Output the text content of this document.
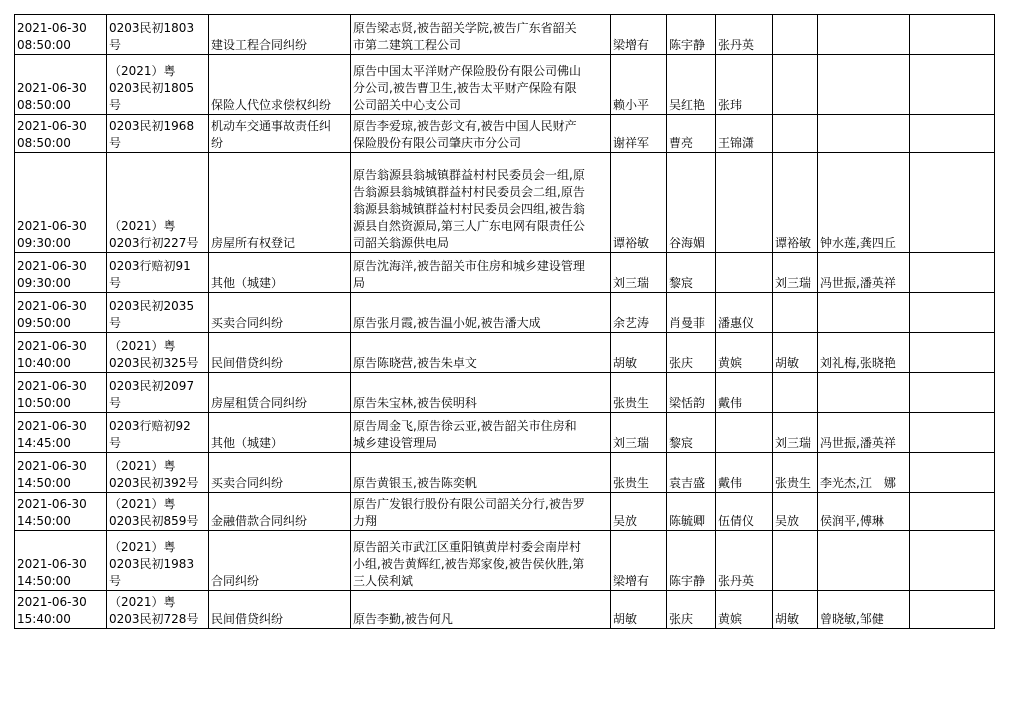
2021-06-30
08:50:00	0203民初1803
号	建设工程合同纠纷	原告梁志贤,被告韶关学院,被告广东省韶关
市第二建筑工程公司	梁增有	陈宇静	张丹英			
2021-06-30
08:50:00	（2021）粤
0203民初1805
号	保险人代位求偿权纠纷	原告中国太平洋财产保险股份有限公司佛山
分公司,被告曹卫生,被告太平财产保险有限
公司韶关中心支公司	赖小平	吴红艳	张玮			
2021-06-30
08:50:00	0203民初1968
号	机动车交通事故责任纠
纷	原告李爱琼,被告彭文有,被告中国人民财产
保险股份有限公司肇庆市分公司	谢祥军	曹亮	王锦潇			
2021-06-30
09:30:00	（2021）粤
0203行初227号	房屋所有权登记	原告翁源县翁城镇群益村村民委员会一组,原
告翁源县翁城镇群益村村民委员会二组,原告
翁源县翁城镇群益村村民委员会四组,被告翁
源县自然资源局,第三人广东电网有限责任公
司韶关翁源供电局	谭裕敏	谷海媚		谭裕敏	钟水莲,龚四丘	
2021-06-30
09:30:00	0203行赔初91
号	其他（城建）	原告沈海洋,被告韶关市住房和城乡建设管理
局	刘三瑞	黎宸		刘三瑞	冯世振,潘英祥	
2021-06-30
09:50:00	0203民初2035
号	买卖合同纠纷	原告张月霞,被告温小妮,被告潘大成	余艺涛	肖曼菲	潘惠仪			
2021-06-30
10:40:00	（2021）粤
0203民初325号	民间借贷纠纷	原告陈晓营,被告朱卓文	胡敏	张庆	黄嫔	胡敏	刘礼梅,张晓艳	
2021-06-30
10:50:00	0203民初2097
号	房屋租赁合同纠纷	原告朱宝林,被告侯明科	张贵生	梁恬韵	戴伟			
2021-06-30
14:45:00	0203行赔初92
号	其他（城建）	原告周金飞,原告徐云亚,被告韶关市住房和
城乡建设管理局	刘三瑞	黎宸		刘三瑞	冯世振,潘英祥	
2021-06-30
14:50:00	（2021）粤
0203民初392号	买卖合同纠纷	原告黄银玉,被告陈奕帆	张贵生	袁吉盛	戴伟	张贵生	李光杰,江　娜	
2021-06-30
14:50:00	（2021）粤
0203民初859号	金融借款合同纠纷	原告广发银行股份有限公司韶关分行,被告罗
力翔	吴放	陈毓卿	伍倩仪	吴放	侯润平,傅琳	
2021-06-30
14:50:00	（2021）粤
0203民初1983
号	合同纠纷	原告韶关市武江区重阳镇黄岸村委会南岸村
小组,被告黄辉红,被告郑家俊,被告侯伙胜,第
三人侯利斌	梁增有	陈宇静	张丹英			
2021-06-30
15:40:00	（2021）粤
0203民初728号	民间借贷纠纷	原告李勤,被告何凡	胡敏	张庆	黄嫔	胡敏	曾晓敏,邹健	
